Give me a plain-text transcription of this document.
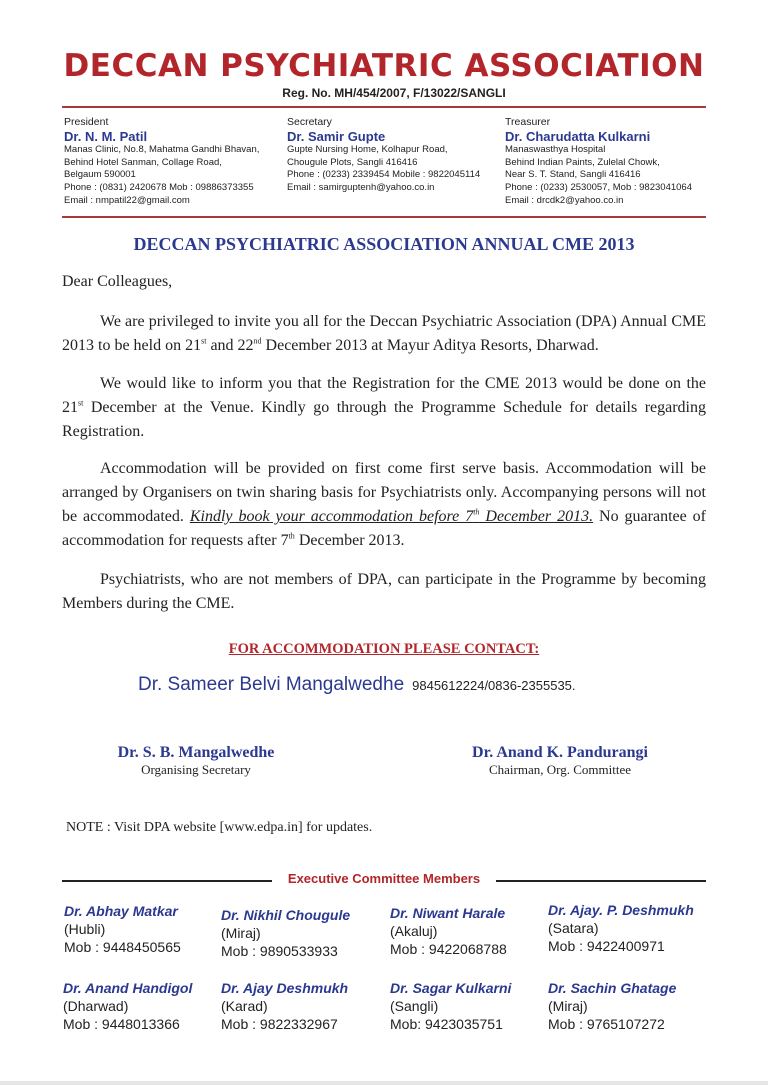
DECCAN PSYCHIATRIC ASSOCIATION
Reg. No. MH/454/2007, F/13022/SANGLI
President
Dr. N. M. Patil
Manas Clinic, No.8, Mahatma Gandhi Bhavan,
Behind Hotel Sanman, Collage Road,
Belgaum 590001
Phone : (0831) 2420678 Mob : 09886373355
Email : nmpatil22@gmail.com
Secretary
Dr. Samir Gupte
Gupte Nursing Home, Kolhapur Road,
Chougule Plots, Sangli 416416
Phone : (0233) 2339454 Mobile : 9822045114
Email : samirguptenh@yahoo.co.in
Treasurer
Dr. Charudatta Kulkarni
Manaswasthya Hospital
Behind Indian Paints, Zulelal Chowk,
Near S. T. Stand, Sangli 416416
Phone : (0233) 2530057, Mob : 9823041064
Email : drcdk2@yahoo.co.in
DECCAN PSYCHIATRIC ASSOCIATION ANNUAL CME 2013
Dear Colleagues,
We are privileged to invite you all for the Deccan Psychiatric Association (DPA) Annual CME 2013 to be held on 21st and 22nd December 2013 at Mayur Aditya Resorts, Dharwad.
We would like to inform you that the Registration for the CME 2013 would be done on the 21st December at the Venue. Kindly go through the Programme Schedule for details regarding Registration.
Accommodation will be provided on first come first serve basis. Accommodation will be arranged by Organisers on twin sharing basis for Psychiatrists only. Accompanying persons will not be accommodated. Kindly book your accommodation before 7th December 2013. No guarantee of accommodation for requests after 7th December 2013.
Psychiatrists, who are not members of DPA, can participate in the Programme by becoming Members during the CME.
FOR ACCOMMODATION PLEASE CONTACT:
Dr. Sameer Belvi Mangalwedhe 9845612224/0836-2355535.
Dr. S. B. Mangalwedhe
Organising Secretary
Dr. Anand K. Pandurangi
Chairman, Org. Committee
NOTE : Visit DPA website [www.edpa.in] for updates.
Executive Committee Members
Dr. Abhay Matkar
(Hubli)
Mob : 9448450565
Dr. Nikhil Chougule
(Miraj)
Mob : 9890533933
Dr. Niwant Harale
(Akaluj)
Mob : 9422068788
Dr. Ajay. P. Deshmukh
(Satara)
Mob : 9422400971
Dr. Anand Handigol
(Dharwad)
Mob : 9448013366
Dr. Ajay Deshmukh
(Karad)
Mob : 9822332967
Dr. Sagar Kulkarni
(Sangli)
Mob: 9423035751
Dr. Sachin Ghatage
(Miraj)
Mob : 9765107272
